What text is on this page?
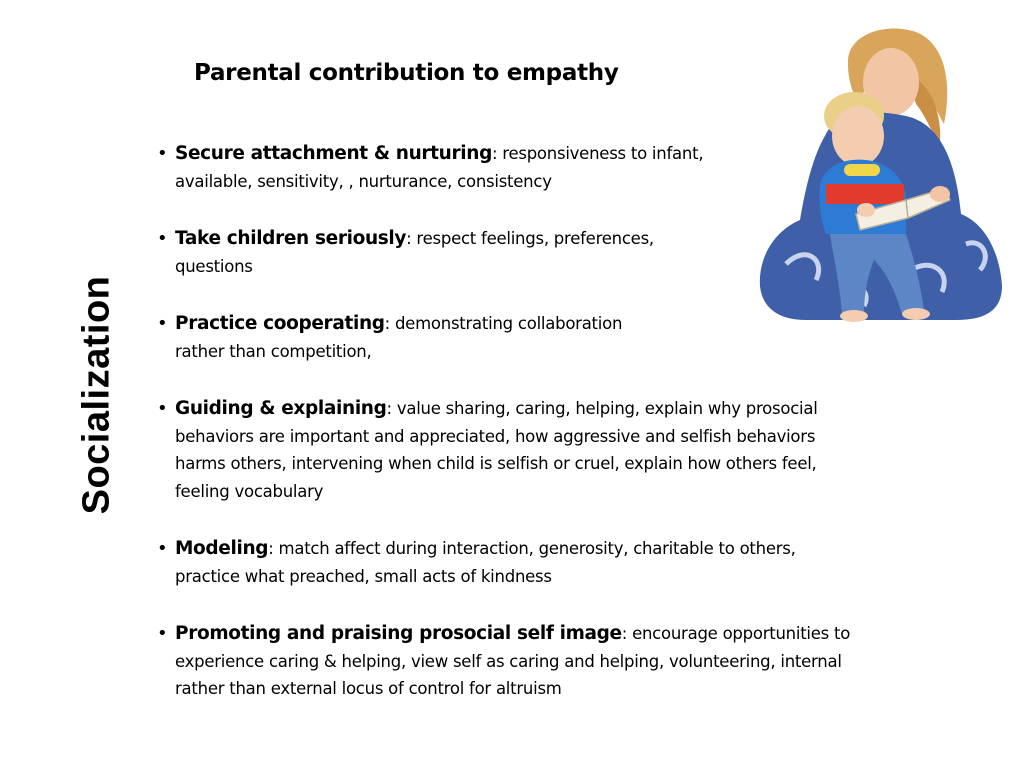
Socialization
Parental contribution to empathy
• Secure attachment & nurturing: responsiveness to infant,
available, sensitivity, , nurturance, consistency
• Take children seriously: respect feelings, preferences,
questions
• Practice cooperating: demonstrating collaboration
rather than competition,
• Guiding & explaining: value sharing, caring, helping, explain why prosocial
behaviors are important and appreciated, how aggressive and selfish behaviors
harms others, intervening when child is selfish or cruel, explain how others feel,
feeling vocabulary
• Modeling: match affect during interaction, generosity, charitable to others,
practice what preached, small acts of kindness
• Promoting and praising prosocial self image: encourage opportunities to
experience caring & helping, view self as caring and helping, volunteering, internal
rather than external locus of control for altruism
